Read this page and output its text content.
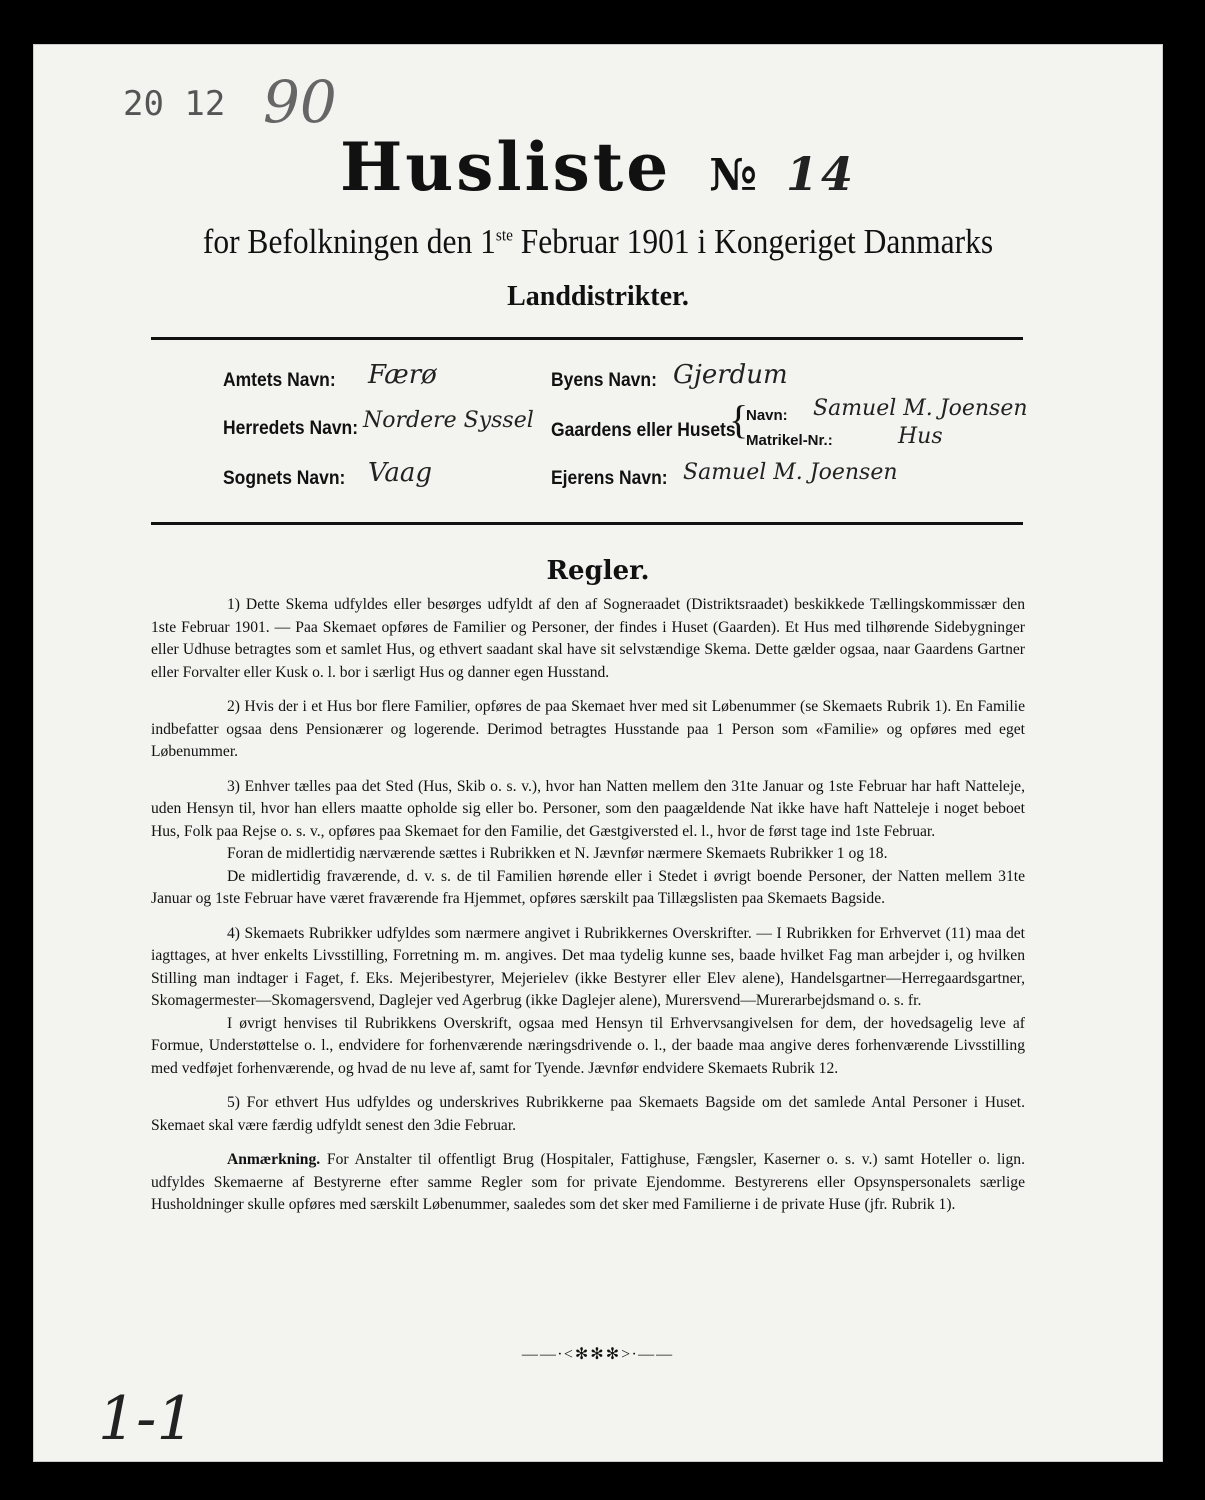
20 12 90
Husliste № 14
for Befolkningen den 1ste Februar 1901 i Kongeriget Danmarks
Landdistrikter.
Amtets Navn: Færø	Byens Navn: Gjerdum
Herredets Navn: Nordere Syssel Gaardens eller Husets
{
Navn: Samuel M. Joensen
Matrikel-Nr.:	Hus
Sognets Navn: Vaag	Ejerens Navn: Samuel M. Joensen
Regler.

1) Dette Skema udfyldes eller besørges udfyldt af den af Sogneraadet (Distriktsraadet) beskikkede Tællingskommissær den 1ste Februar 1901. — Paa Skemaet opføres de Familier og Personer, der findes i Huset (Gaarden). Et Hus med tilhørende Sidebygninger eller Udhuse betragtes som et samlet Hus, og ethvert saadant skal have sit selvstændige Skema. Dette gælder ogsaa, naar Gaardens Gartner eller Forvalter eller Kusk o. l. bor i særligt Hus og danner egen Husstand.

2) Hvis der i et Hus bor flere Familier, opføres de paa Skemaet hver med sit Løbenummer (se Skemaets Rubrik 1). En Familie indbefatter ogsaa dens Pensionærer og logerende. Derimod betragtes Husstande paa 1 Person som «Familie» og opføres med eget Løbenummer.

3) Enhver tælles paa det Sted (Hus, Skib o. s. v.), hvor han Natten mellem den 31te Januar og 1ste Februar har haft Natteleje, uden Hensyn til, hvor han ellers maatte opholde sig eller bo. Personer, som den paagældende Nat ikke have haft Natteleje i noget beboet Hus, Folk paa Rejse o. s. v., opføres paa Skemaet for den Familie, det Gæstgiversted el. l., hvor de først tage ind 1ste Februar.

Foran de midlertidig nærværende sættes i Rubrikken et N. Jævnfør nærmere Skemaets Rubrikker 1 og 18.

De midlertidig fraværende, d. v. s. de til Familien hørende eller i Stedet i øvrigt boende Personer, der Natten mellem 31te Januar og 1ste Februar have været fraværende fra Hjemmet, opføres særskilt paa Tillægslisten paa Skemaets Bagside.

4) Skemaets Rubrikker udfyldes som nærmere angivet i Rubrikkernes Overskrifter. — I Rubrikken for Erhvervet (11) maa det iagttages, at hver enkelts Livsstilling, Forretning m. m. angives. Det maa tydelig kunne ses, baade hvilket Fag man arbejder i, og hvilken Stilling man indtager i Faget, f. Eks. Mejeribestyrer, Mejerielev (ikke Bestyrer eller Elev alene), Handelsgartner—Herregaardsgartner, Skomagermester—Skomagersvend, Daglejer ved Agerbrug (ikke Daglejer alene), Murersvend—Murerarbejdsmand o. s. fr.

I øvrigt henvises til Rubrikkens Overskrift, ogsaa med Hensyn til Erhvervsangivelsen for dem, der hovedsagelig leve af Formue, Understøttelse o. l., endvidere for forhenværende næringsdrivende o. l., der baade maa angive deres forhenværende Livsstilling med vedføjet forhenværende, og hvad de nu leve af, samt for Tyende. Jævnfør endvidere Skemaets Rubrik 12.

5) For ethvert Hus udfyldes og underskrives Rubrikkerne paa Skemaets Bagside om det samlede Antal Personer i Huset. Skemaet skal være færdig udfyldt senest den 3die Februar.

Anmærkning. For Anstalter til offentligt Brug (Hospitaler, Fattighuse, Fængsler, Kaserner o. s. v.) samt Hoteller o. lign. udfyldes Skemaerne af Bestyrerne efter samme Regler som for private Ejendomme. Bestyrerens eller Opsynspersonalets særlige Husholdninger skulle opføres med særskilt Løbenummer, saaledes som det sker med Familierne i de private Huse (jfr. Rubrik 1).

——∙<✻✻✻>∙——
1-1
